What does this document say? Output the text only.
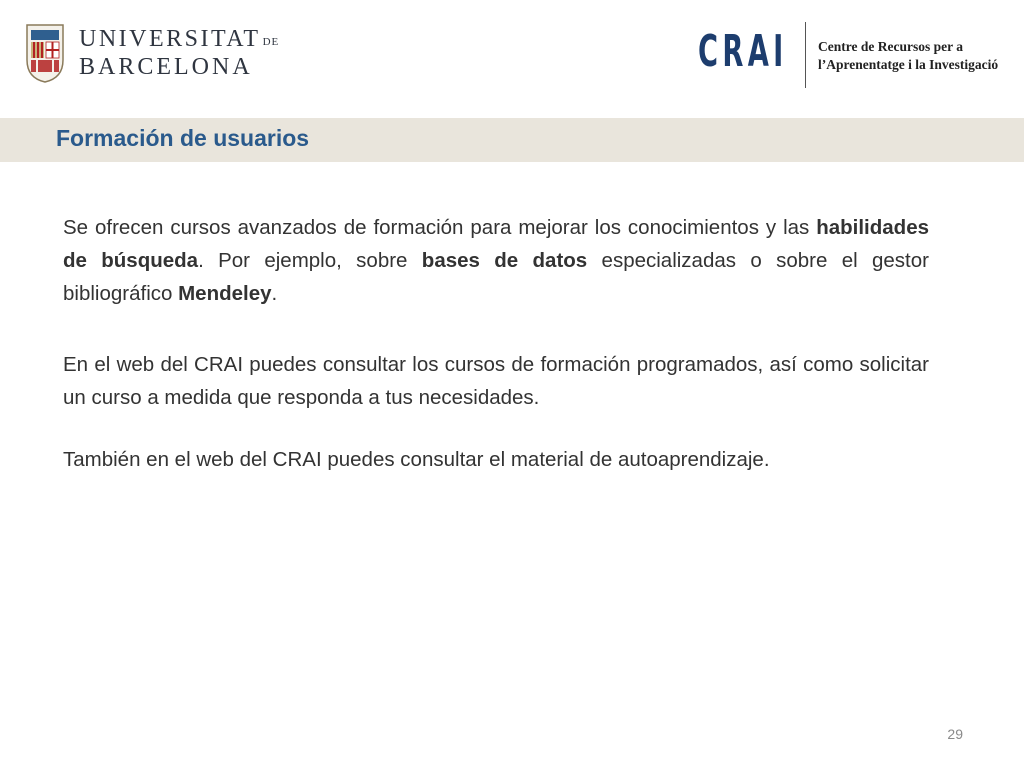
UNIVERSITAT DE
BARCELONA	CRAI Centre de Recursos per a
l’Aprenentatge i la Investigació
Formación de usuarios

Se ofrecen cursos avanzados de formación para mejorar los conocimientos y las habilidades de búsqueda. Por ejemplo, sobre bases de datos especializadas o sobre el gestor bibliográfico Mendeley.

En el web del CRAI puedes consultar los cursos de formación programados, así como solicitar un curso a medida que responda a tus necesidades.

También en el web del CRAI puedes consultar el material de autoaprendizaje.

29
